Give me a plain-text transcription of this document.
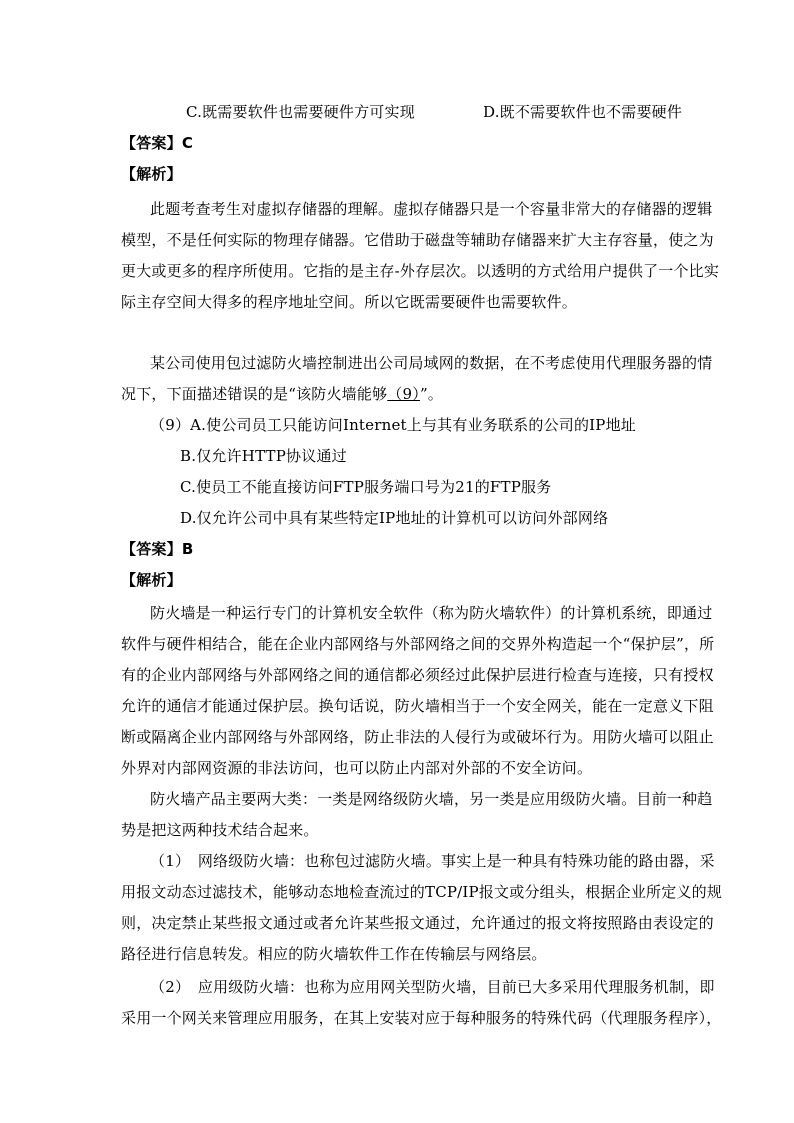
C.既需要软件也需要硬件方可实现	D.既不需要软件也不需要硬件
【答案】C
【解析】
此题考查考生对虚拟存储器的理解。虚拟存储器只是一个容量非常大的存储器的逻辑
模型，不是任何实际的物理存储器。它借助于磁盘等辅助存储器来扩大主存容量，使之为
更大或更多的程序所使用。它指的是主存-外存层次。以透明的方式给用户提供了一个比实
际主存空间大得多的程序地址空间。所以它既需要硬件也需要软件。
某公司使用包过滤防火墙控制进出公司局域网的数据，在不考虑使用代理服务器的情
况下，下面描述错误的是“该防火墙能够（9）”。
（9）A.使公司员工只能访问Internet上与其有业务联系的公司的IP地址
B.仅允许HTTP协议通过
C.使员工不能直接访问FTP服务端口号为21的FTP服务
D.仅允许公司中具有某些特定IP地址的计算机可以访问外部网络
【答案】B
【解析】
防火墙是一种运行专门的计算机安全软件（称为防火墙软件）的计算机系统，即通过
软件与硬件相结合，能在企业内部网络与外部网络之间的交界外构造起一个“保护层”，所
有的企业内部网络与外部网络之间的通信都必须经过此保护层进行检查与连接，只有授权
允许的通信才能通过保护层。换句话说，防火墙相当于一个安全网关，能在一定意义下阻
断或隔离企业内部网络与外部网络，防止非法的人侵行为或破坏行为。用防火墙可以阻止
外界对内部网资源的非法访问，也可以防止内部对外部的不安全访问。
防火墙产品主要两大类：一类是网络级防火墙，另一类是应用级防火墙。目前一种趋
势是把这两种技术结合起来。
（1）　网络级防火墙：也称包过滤防火墙。事实上是一种具有特殊功能的路由器，采
用报文动态过滤技术，能够动态地检查流过的TCP/IP报文或分组头，根据企业所定义的规
则，决定禁止某些报文通过或者允许某些报文通过，允许通过的报文将按照路由表设定的
路径进行信息转发。相应的防火墙软件工作在传输层与网络层。
（2）　应用级防火墙：也称为应用网关型防火墙，目前已大多采用代理服务机制，即
采用一个网关来管理应用服务，在其上安装对应于每种服务的特殊代码（代理服务程序），
